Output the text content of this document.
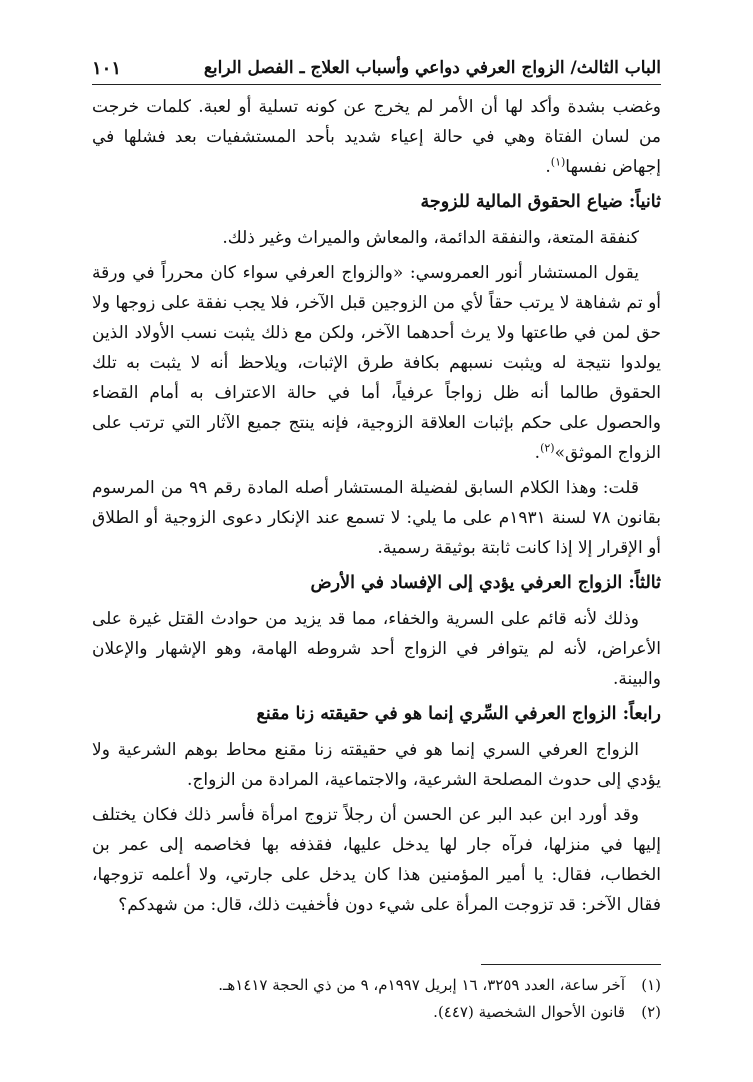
الباب الثالث/ الزواج العرفي دواعي وأسباب العلاج ـ الفصل الرابع
١٠١

وغضب بشدة وأكد لها أن الأمر لم يخرج عن كونه تسلية أو لعبة. كلمات خرجت من لسان الفتاة وهي في حالة إعياء شديد بأحد المستشفيات بعد فشلها في إجهاض نفسها$^{(١)}$.

ثانياً: ضياع الحقوق المالية للزوجة

كنفقة المتعة، والنفقة الدائمة، والمعاش والميراث وغير ذلك.

يقول المستشار أنور العمروسي: «والزواج العرفي سواء كان محرراً في ورقة أو تم شفاهة لا يرتب حقاً لأي من الزوجين قبل الآخر، فلا يجب نفقة على زوجها ولا حق لمن في طاعتها ولا يرث أحدهما الآخر، ولكن مع ذلك يثبت نسب الأولاد الذين يولدوا نتيجة له ويثبت نسبهم بكافة طرق الإثبات، ويلاحظ أنه لا يثبت به تلك الحقوق طالما أنه ظل زواجاً عرفياً، أما في حالة الاعتراف به أمام القضاء والحصول على حكم بإثبات العلاقة الزوجية، فإنه ينتج جميع الآثار التي ترتب على الزواج الموثق»$^{(٢)}$.

قلت: وهذا الكلام السابق لفضيلة المستشار أصله المادة رقم ٩٩ من المرسوم بقانون ٧٨ لسنة ١٩٣١م على ما يلي: لا تسمع عند الإنكار دعوى الزوجية أو الطلاق أو الإقرار إلا إذا كانت ثابتة بوثيقة رسمية.

ثالثاً: الزواج العرفي يؤدي إلى الإفساد في الأرض

وذلك لأنه قائم على السرية والخفاء، مما قد يزيد من حوادث القتل غيرة على الأعراض، لأنه لم يتوافر في الزواج أحد شروطه الهامة، وهو الإشهار والإعلان والبينة.

رابعاً: الزواج العرفي السِّري إنما هو في حقيقته زنا مقنع

الزواج العرفي السري إنما هو في حقيقته زنا مقنع محاط بوهم الشرعية ولا يؤدي إلى حدوث المصلحة الشرعية، والاجتماعية، المرادة من الزواج.

وقد أورد ابن عبد البر عن الحسن أن رجلاً تزوج امرأة فأسر ذلك فكان يختلف إليها في منزلها، فرآه جار لها يدخل عليها، فقذفه بها فخاصمه إلى عمر بن الخطاب، فقال: يا أمير المؤمنين هذا كان يدخل على جارتي، ولا أعلمه تزوجها، فقال الآخر: قد تزوجت المرأة على شيء دون فأخفيت ذلك، قال: من شهدكم؟

(١)
آخر ساعة، العدد ٣٢٥٩، ١٦ إبريل ١٩٩٧م، ٩ من ذي الحجة ١٤١٧هـ.
(٢)
قانون الأحوال الشخصية (٤٤٧).
